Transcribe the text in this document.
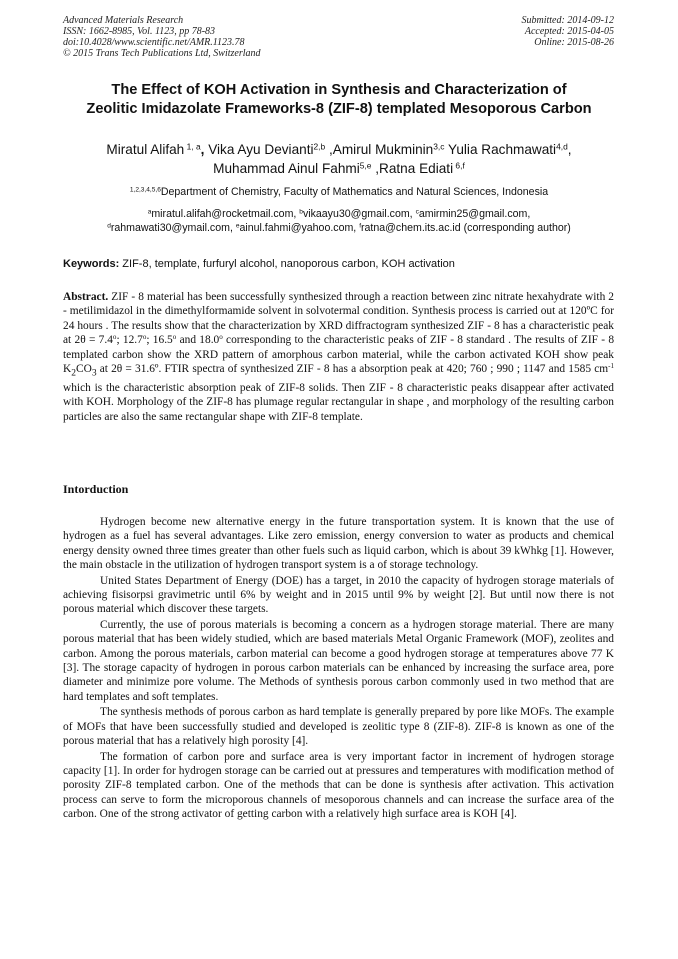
Advanced Materials Research
ISSN: 1662-8985, Vol. 1123, pp 78-83
doi:10.4028/www.scientific.net/AMR.1123.78
© 2015 Trans Tech Publications Ltd, Switzerland
Submitted: 2014-09-12
Accepted: 2015-04-05
Online: 2015-08-26
The Effect of KOH Activation in Synthesis and Characterization of
Zeolitic Imidazolate Frameworks-8 (ZIF-8) templated Mesoporous Carbon
Miratul Alifah $^{1, a}$, Vika Ayu Devianti$^{2,b}$ ,Amirul Mukminin$^{3,c}$ Yulia Rachmawati$^{4,d}$,
Muhammad Ainul Fahmi$^{5,e}$ ,Ratna Ediati $^{6,f}$
$^{1,2,3,4,5,6}$Department of Chemistry, Faculty of Mathematics and Natural Sciences, Indonesia
$^a$miratul.alifah@rocketmail.com, $^b$vikaayu30@gmail.com, $^c$amirmin25@gmail.com,
$^d$rahmawati30@ymail.com, $^e$ainul.fahmi@yahoo.com, $^f$ratna@chem.its.ac.id (corresponding author)
Keywords: ZIF-8, template, furfuryl alcohol, nanoporous carbon, KOH activation
Abstract. ZIF - 8 material has been successfully synthesized through a reaction between zinc nitrate hexahydrate with 2 - metilimidazol in the dimethylformamide solvent in solvotermal condition. Synthesis process is carried out at 120ºC for 24 hours . The results show that the characterization by XRD diffractogram synthesized ZIF - 8 has a characteristic peak at $2\theta = 7.4^o$; 12.7$^o$; 16.5$^o$ and 18.0$^o$ corresponding to the characteristic peaks of ZIF - 8 standard . The results of ZIF - 8 templated carbon show the XRD pattern of amorphous carbon material, while the carbon activated KOH show peak $K_2CO_3$ at 2θ = 31.6º. FTIR spectra of synthesized ZIF - 8 has a absorption peak at 420; 760 ; 990 ; 1147 and 1585 $cm^{-1}$ which is the characteristic absorption peak of ZIF-8 solids. Then ZIF - 8 characteristic peaks disappear after activated with KOH. Morphology of the ZIF-8 has plumage regular rectangular in shape , and morphology of the resulting carbon particles are also the same rectangular shape with ZIF-8 template.
Intorduction

Hydrogen become new alternative energy in the future transportation system. It is known that the use of hydrogen as a fuel has several advantages. Like zero emission, energy conversion to water as products and chemical energy density owned three times greater than other fuels such as liquid carbon, which is about 39 kWhkg [1]. However, the main obstacle in the utilization of hydrogen transport system is a of storage technology.

United States Department of Energy (DOE) has a target, in 2010 the capacity of hydrogen storage materials of achieving fisisorpsi gravimetric until 6% by weight and in 2015 until 9% by weight [2]. But until now there is not porous material which discover these targets.

Currently, the use of porous materials is becoming a concern as a hydrogen storage material. There are many porous material that has been widely studied, which are based materials Metal Organic Framework (MOF), zeolites and carbon. Among the porous materials, carbon material can become a good hydrogen storage at temperatures above 77 K [3]. The storage capacity of hydrogen in porous carbon materials can be enhanced by increasing the surface area, pore diameter and minimize pore volume. The Methods of synthesis porous carbon commonly used in two method that are hard templates and soft templates.

The synthesis methods of porous carbon as hard template is generally prepared by pore like MOFs. The example of MOFs that have been successfully studied and developed is zeolitic type 8 (ZIF-8). ZIF-8 is known as one of the porous material that has a relatively high porosity [4].

The formation of carbon pore and surface area is very important factor in increment of hydrogen storage capacity [1]. In order for hydrogen storage can be carried out at pressures and temperatures with modification method of porosity ZIF-8 templated carbon. One of the methods that can be done is synthesis after activation. This activation process can serve to form the microporous channels of mesoporous channels and can increase the surface area of the carbon. One of the strong activator of getting carbon with a relatively high surface area is KOH [4].
